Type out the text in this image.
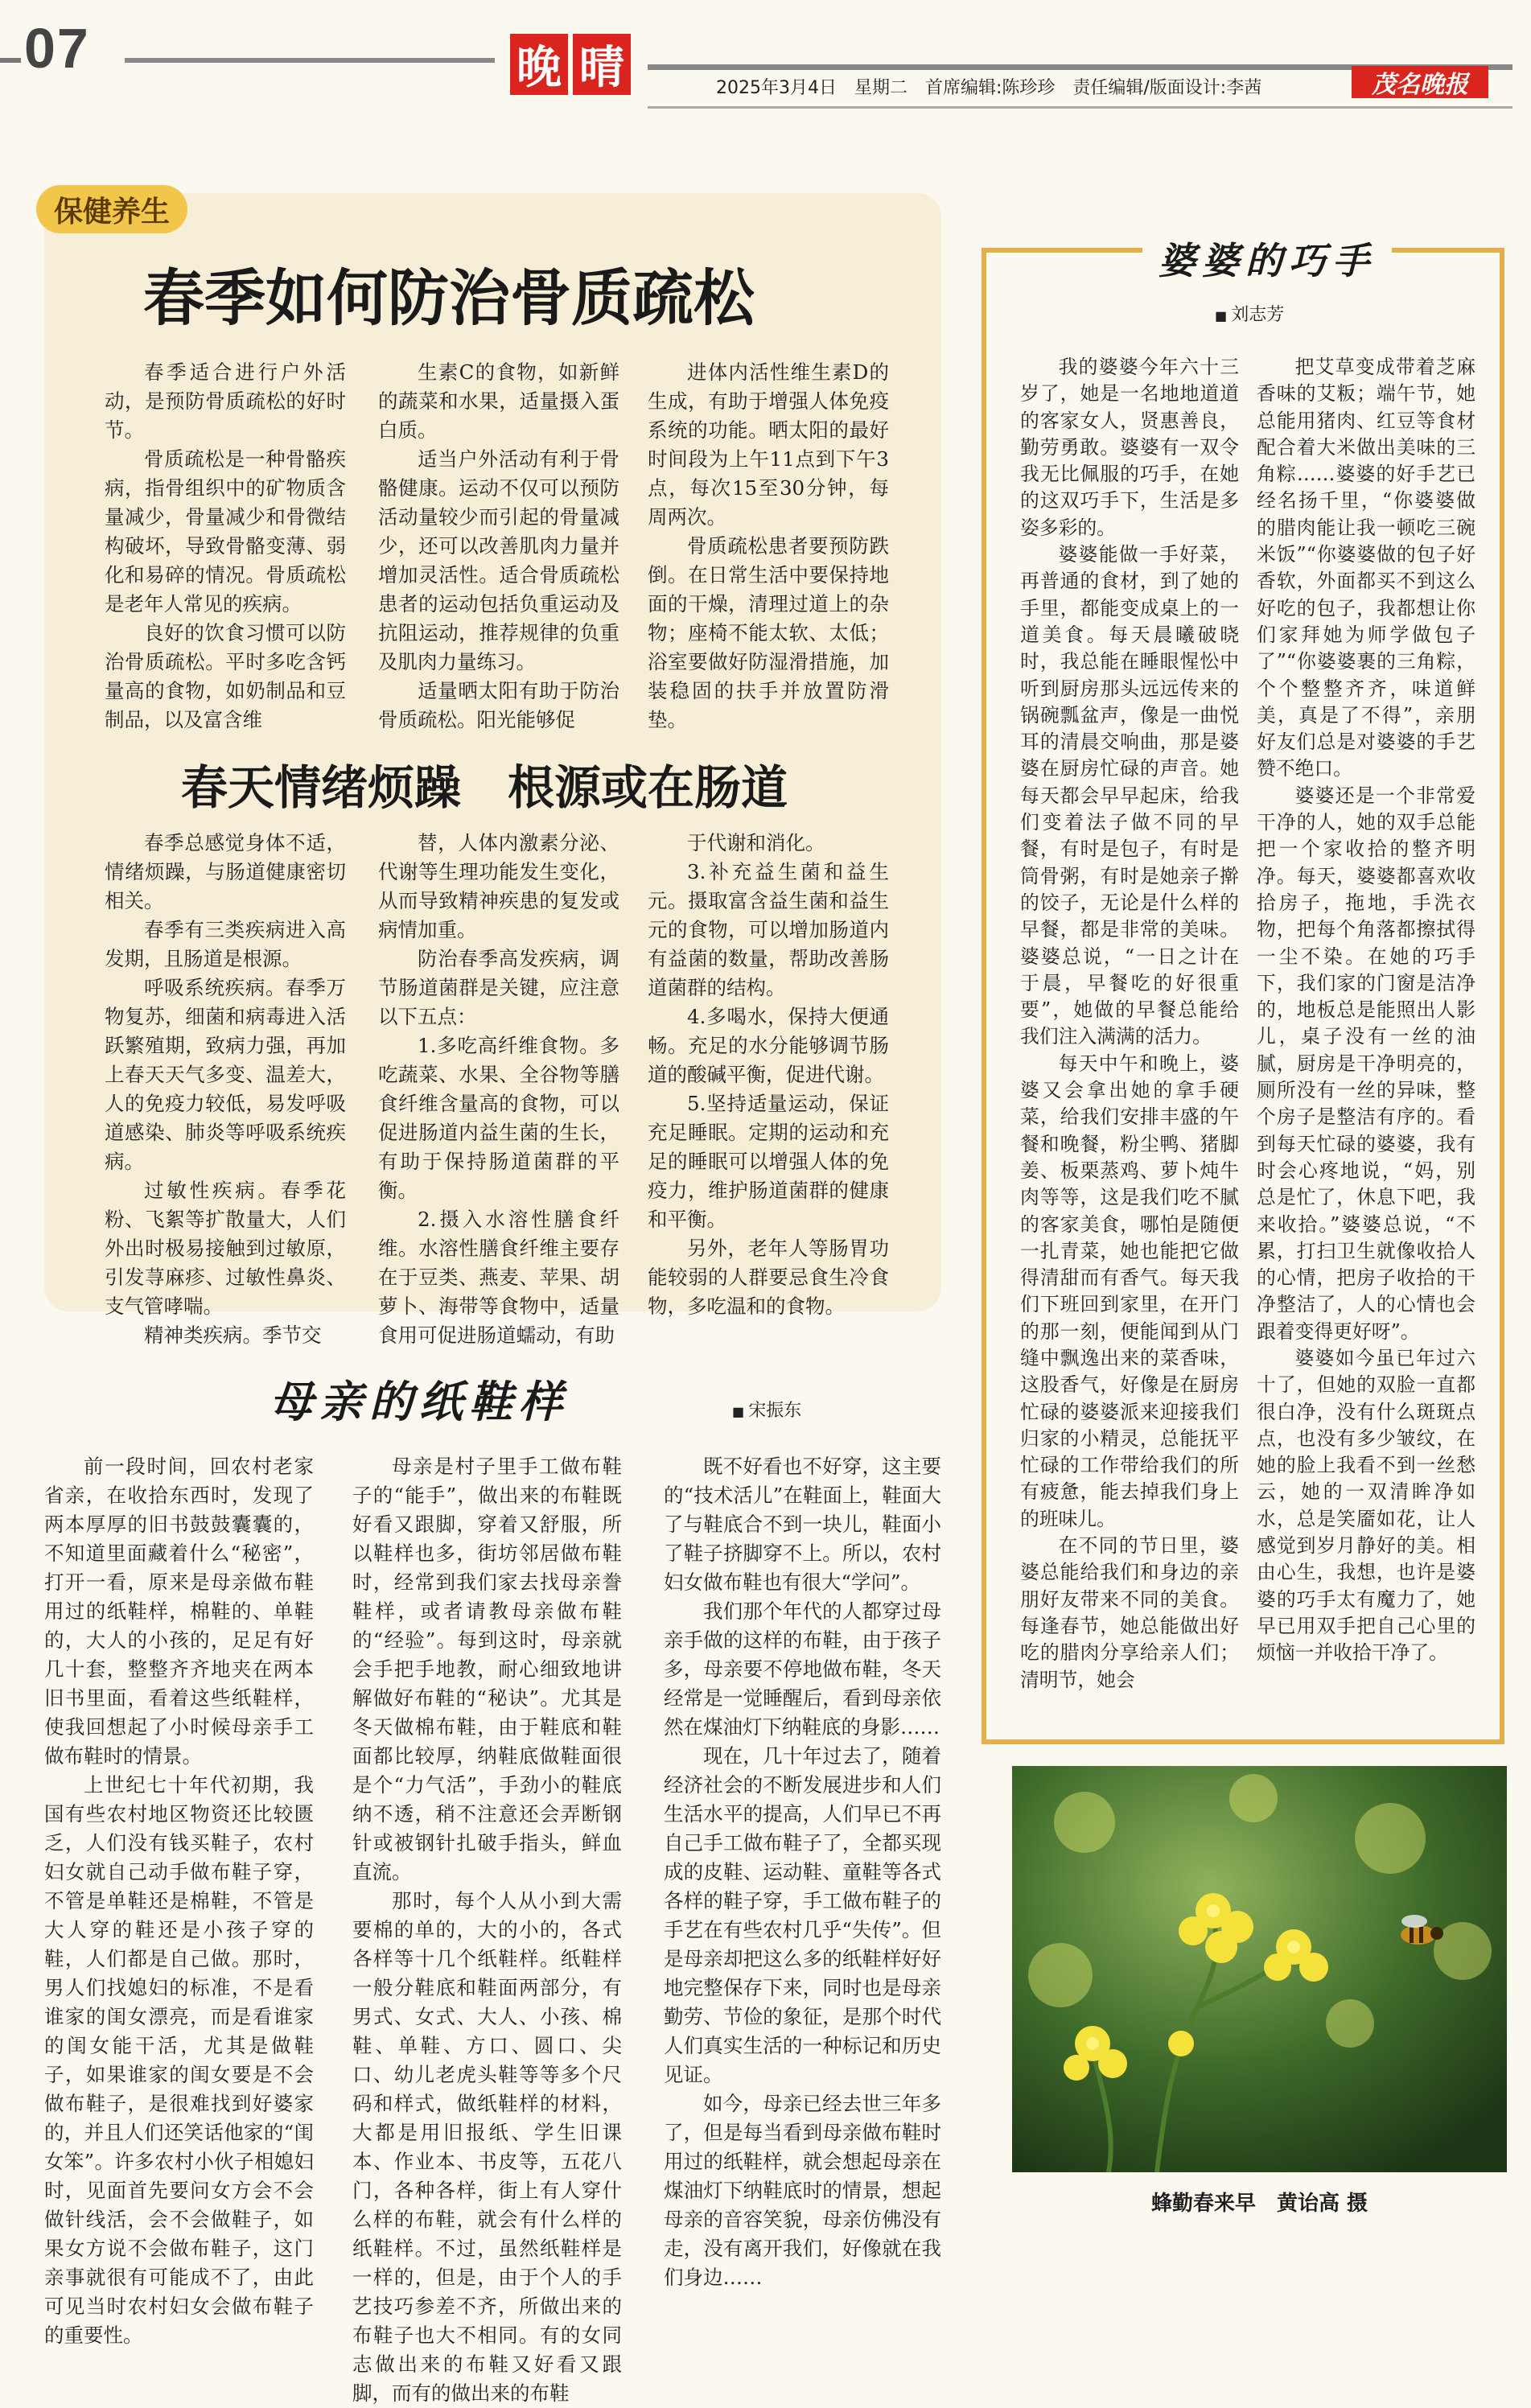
07	晚 晴	2025年3月4日　星期二　首席编辑:陈珍珍　责任编辑/版面设计:李茜	茂名晚报
保健养生
春季如何防治骨质疏松

春季适合进行户外活动，是预防骨质疏松的好时节。

骨质疏松是一种骨骼疾病，指骨组织中的矿物质含量减少，骨量减少和骨微结构破坏，导致骨骼变薄、弱化和易碎的情况。骨质疏松是老年人常见的疾病。

良好的饮食习惯可以防治骨质疏松。平时多吃含钙量高的食物，如奶制品和豆制品，以及富含维

生素C的食物，如新鲜的蔬菜和水果，适量摄入蛋白质。

适当户外活动有利于骨骼健康。运动不仅可以预防活动量较少而引起的骨量减少，还可以改善肌肉力量并增加灵活性。适合骨质疏松患者的运动包括负重运动及抗阻运动，推荐规律的负重及肌肉力量练习。

适量晒太阳有助于防治骨质疏松。阳光能够促

进体内活性维生素D的生成，有助于增强人体免疫系统的功能。晒太阳的最好时间段为上午11点到下午3点，每次15至30分钟，每周两次。

骨质疏松患者要预防跌倒。在日常生活中要保持地面的干燥，清理过道上的杂物；座椅不能太软、太低；浴室要做好防湿滑措施，加装稳固的扶手并放置防滑垫。

春天情绪烦躁　根源或在肠道

春季总感觉身体不适，情绪烦躁，与肠道健康密切相关。

春季有三类疾病进入高发期，且肠道是根源。

呼吸系统疾病。春季万物复苏，细菌和病毒进入活跃繁殖期，致病力强，再加上春天天气多变、温差大，人的免疫力较低，易发呼吸道感染、肺炎等呼吸系统疾病。

过敏性疾病。春季花粉、飞絮等扩散量大，人们外出时极易接触到过敏原，引发荨麻疹、过敏性鼻炎、支气管哮喘。

精神类疾病。季节交

替，人体内激素分泌、代谢等生理功能发生变化，从而导致精神疾患的复发或病情加重。

防治春季高发疾病，调节肠道菌群是关键，应注意以下五点：

1.多吃高纤维食物。多吃蔬菜、水果、全谷物等膳食纤维含量高的食物，可以促进肠道内益生菌的生长，有助于保持肠道菌群的平衡。

2.摄入水溶性膳食纤维。水溶性膳食纤维主要存在于豆类、燕麦、苹果、胡萝卜、海带等食物中，适量食用可促进肠道蠕动，有助

于代谢和消化。

3.补充益生菌和益生元。摄取富含益生菌和益生元的食物，可以增加肠道内有益菌的数量，帮助改善肠道菌群的结构。

4.多喝水，保持大便通畅。充足的水分能够调节肠道的酸碱平衡，促进代谢。

5.坚持适量运动，保证充足睡眠。定期的运动和充足的睡眠可以增强人体的免疫力，维护肠道菌群的健康和平衡。

另外，老年人等肠胃功能较弱的人群要忌食生冷食物，多吃温和的食物。

母亲的纸鞋样
■	宋振东

前一段时间，回农村老家省亲，在收拾东西时，发现了两本厚厚的旧书鼓鼓囊囊的，不知道里面藏着什么“秘密”，打开一看，原来是母亲做布鞋用过的纸鞋样，棉鞋的、单鞋的，大人的小孩的，足足有好几十套，整整齐齐地夹在两本旧书里面，看着这些纸鞋样，使我回想起了小时候母亲手工做布鞋时的情景。

上世纪七十年代初期，我国有些农村地区物资还比较匮乏，人们没有钱买鞋子，农村妇女就自己动手做布鞋子穿，不管是单鞋还是棉鞋，不管是大人穿的鞋还是小孩子穿的鞋，人们都是自己做。那时，男人们找媳妇的标准，不是看谁家的闺女漂亮，而是看谁家的闺女能干活，尤其是做鞋子，如果谁家的闺女要是不会做布鞋子，是很难找到好婆家的，并且人们还笑话他家的“闺女笨”。许多农村小伙子相媳妇时，见面首先要问女方会不会做针线活，会不会做鞋子，如果女方说不会做布鞋子，这门亲事就很有可能成不了，由此可见当时农村妇女会做布鞋子的重要性。

母亲是村子里手工做布鞋子的“能手”，做出来的布鞋既好看又跟脚，穿着又舒服，所以鞋样也多，街坊邻居做布鞋时，经常到我们家去找母亲誊鞋样，或者请教母亲做布鞋的“经验”。每到这时，母亲就会手把手地教，耐心细致地讲解做好布鞋的“秘诀”。尤其是冬天做棉布鞋，由于鞋底和鞋面都比较厚，纳鞋底做鞋面很是个“力气活”，手劲小的鞋底纳不透，稍不注意还会弄断钢针或被钢针扎破手指头，鲜血直流。

那时，每个人从小到大需要棉的单的，大的小的，各式各样等十几个纸鞋样。纸鞋样一般分鞋底和鞋面两部分，有男式、女式、大人、小孩、棉鞋、单鞋、方口、圆口、尖口、幼儿老虎头鞋等等多个尺码和样式，做纸鞋样的材料，大都是用旧报纸、学生旧课本、作业本、书皮等，五花八门，各种各样，街上有人穿什么样的布鞋，就会有什么样的纸鞋样。不过，虽然纸鞋样是一样的，但是，由于个人的手艺技巧参差不齐，所做出来的布鞋子也大不相同。有的女同志做出来的布鞋又好看又跟脚，而有的做出来的布鞋

既不好看也不好穿，这主要的“技术活儿”在鞋面上，鞋面大了与鞋底合不到一块儿，鞋面小了鞋子挤脚穿不上。所以，农村妇女做布鞋也有很大“学问”。

我们那个年代的人都穿过母亲手做的这样的布鞋，由于孩子多，母亲要不停地做布鞋，冬天经常是一觉睡醒后，看到母亲依然在煤油灯下纳鞋底的身影……

现在，几十年过去了，随着经济社会的不断发展进步和人们生活水平的提高，人们早已不再自己手工做布鞋子了，全都买现成的皮鞋、运动鞋、童鞋等各式各样的鞋子穿，手工做布鞋子的手艺在有些农村几乎“失传”。但是母亲却把这么多的纸鞋样好好地完整保存下来，同时也是母亲勤劳、节俭的象征，是那个时代人们真实生活的一种标记和历史见证。

如今，母亲已经去世三年多了，但是每当看到母亲做布鞋时用过的纸鞋样，就会想起母亲在煤油灯下纳鞋底时的情景，想起母亲的音容笑貌，母亲仿佛没有走，没有离开我们，好像就在我们身边……

婆婆的巧手
■ 刘志芳

我的婆婆今年六十三岁了，她是一名地地道道的客家女人，贤惠善良，勤劳勇敢。婆婆有一双令我无比佩服的巧手，在她的这双巧手下，生活是多姿多彩的。

婆婆能做一手好菜，再普通的食材，到了她的手里，都能变成桌上的一道美食。每天晨曦破晓时，我总能在睡眼惺忪中听到厨房那头远远传来的锅碗瓢盆声，像是一曲悦耳的清晨交响曲，那是婆婆在厨房忙碌的声音。她每天都会早早起床，给我们变着法子做不同的早餐，有时是包子，有时是筒骨粥，有时是她亲子擀的饺子，无论是什么样的早餐，都是非常的美味。婆婆总说，“一日之计在于晨，早餐吃的好很重要”，她做的早餐总能给我们注入满满的活力。

每天中午和晚上，婆婆又会拿出她的拿手硬菜，给我们安排丰盛的午餐和晚餐，粉尘鸭、猪脚姜、板栗蒸鸡、萝卜炖牛肉等等，这是我们吃不腻的客家美食，哪怕是随便一扎青菜，她也能把它做得清甜而有香气。每天我们下班回到家里，在开门的那一刻，便能闻到从门缝中飘逸出来的菜香味，这股香气，好像是在厨房忙碌的婆婆派来迎接我们归家的小精灵，总能抚平忙碌的工作带给我们的所有疲惫，能去掉我们身上的班味儿。

在不同的节日里，婆婆总能给我们和身边的亲朋好友带来不同的美食。每逢春节，她总能做出好吃的腊肉分享给亲人们；清明节，她会

把艾草变成带着芝麻香味的艾粄；端午节，她总能用猪肉、红豆等食材配合着大米做出美味的三角粽……婆婆的好手艺已经名扬千里，“你婆婆做的腊肉能让我一顿吃三碗米饭”“你婆婆做的包子好香软，外面都买不到这么好吃的包子，我都想让你们家拜她为师学做包子了”“你婆婆裹的三角粽，个个整整齐齐，味道鲜美，真是了不得”，亲朋好友们总是对婆婆的手艺赞不绝口。

婆婆还是一个非常爱干净的人，她的双手总能把一个家收拾的整齐明净。每天，婆婆都喜欢收拾房子，拖地，手洗衣物，把每个角落都擦拭得一尘不染。在她的巧手下，我们家的门窗是洁净的，地板总是能照出人影儿，桌子没有一丝的油腻，厨房是干净明亮的，厕所没有一丝的异味，整个房子是整洁有序的。看到每天忙碌的婆婆，我有时会心疼地说，“妈，别总是忙了，休息下吧，我来收拾。”婆婆总说，“不累，打扫卫生就像收拾人的心情，把房子收拾的干净整洁了，人的心情也会跟着变得更好呀”。

婆婆如今虽已年过六十了，但她的双脸一直都很白净，没有什么斑斑点点，也没有多少皱纹，在她的脸上我看不到一丝愁云，她的一双清眸净如水，总是笑靥如花，让人感觉到岁月静好的美。相由心生，我想，也许是婆婆的巧手太有魔力了，她早已用双手把自己心里的烦恼一并收拾干净了。

蜂勤春来早　黄诒高 摄
